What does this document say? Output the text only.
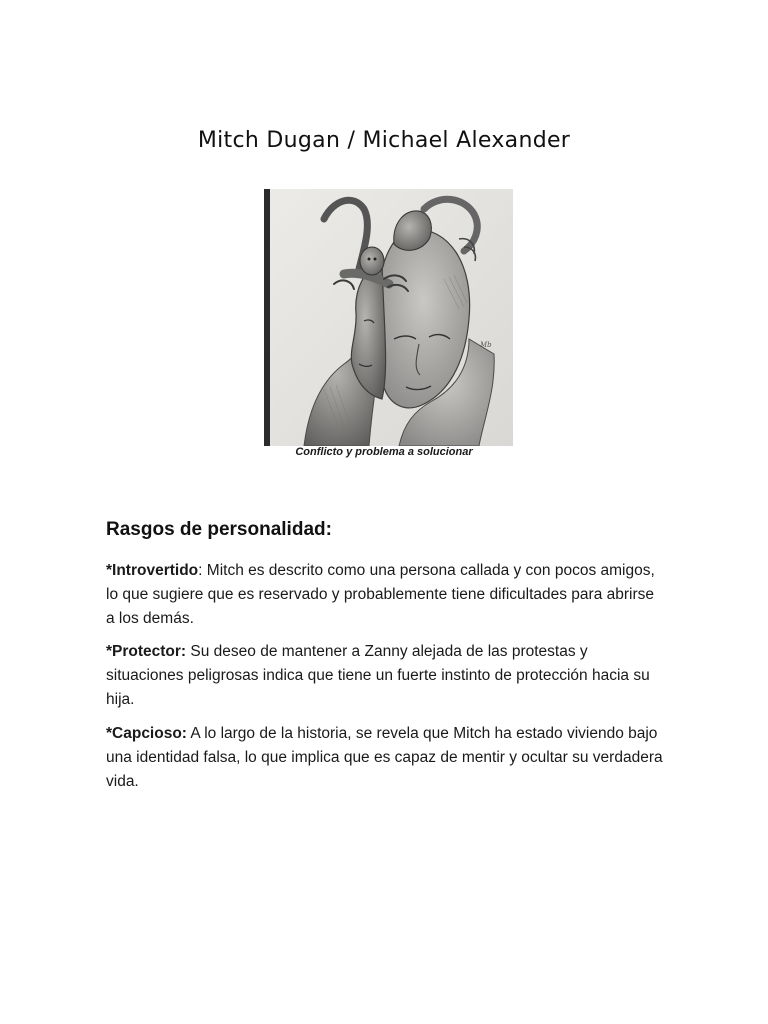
Mitch Dugan / Michael Alexander
Mb
Conflicto y problema a solucionar
Rasgos de personalidad:

*Introvertido: Mitch es descrito como una persona callada y con pocos amigos, lo que sugiere que es reservado y probablemente tiene dificultades para abrirse a los demás.

*Protector: Su deseo de mantener a Zanny alejada de las protestas y situaciones peligrosas indica que tiene un fuerte instinto de protección hacia su hija.

*Capcioso: A lo largo de la historia, se revela que Mitch ha estado viviendo bajo una identidad falsa, lo que implica que es capaz de mentir y ocultar su verdadera vida.
